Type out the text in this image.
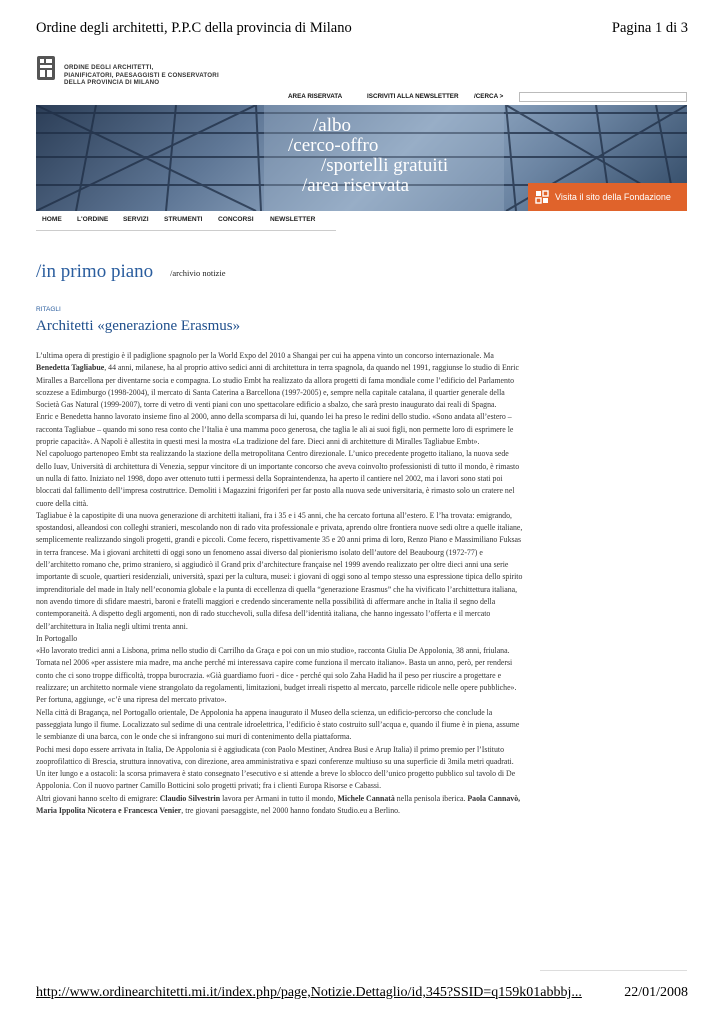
Ordine degli architetti, P.P.C della provincia di Milano	Pagina 1 di 3
ORDINE DEGLI ARCHITETTI,
PIANIFICATORI, PAESAGGISTI E CONSERVATORI
DELLA PROVINCIA DI MILANO
AREA RISERVATA	ISCRIVITI ALLA NEWSLETTER /CERCA >
/albo
/cerco-offro
/sportelli gratuiti
/area riservata
Visita il sito della Fondazione
HOME L'ORDINE SERVIZI STRUMENTI CONCORSI NEWSLETTER
/in primo piano /archivio notizie
RITAGLI
Architetti «generazione Erasmus»

L’ultima opera di prestigio è il padiglione spagnolo per la World Expo del 2010 a Shangai per cui ha appena vinto un concorso internazionale. Ma Benedetta Tagliabue, 44 anni, milanese, ha al proprio attivo sedici anni di architettura in terra spagnola, da quando nel 1991, raggiunse lo studio di Enric Miralles a Barcellona per diventarne socia e compagna. Lo studio Embt ha realizzato da allora progetti di fama mondiale come l’edificio del Parlamento scozzese a Edimburgo (1998-2004), il mercato di Santa Caterina a Barcellona (1997-2005) e, sempre nella capitale catalana, il quartier generale della Società Gas Natural (1999-2007), torre di vetro di venti piani con uno spettacolare edificio a sbalzo, che sarà presto inaugurato dai reali di Spagna.

Enric e Benedetta hanno lavorato insieme fino al 2000, anno della scomparsa di lui, quando lei ha preso le redini dello studio. «Sono andata all’estero – racconta Tagliabue – quando mi sono resa conto che l’Italia è una mamma poco generosa, che taglia le ali ai suoi figli, non permette loro di esprimere le proprie capacità». A Napoli è allestita in questi mesi la mostra «La tradizione del fare. Dieci anni di architetture di Miralles Tagliabue Embt».

Nel capoluogo partenopeo Embt sta realizzando la stazione della metropolitana Centro direzionale. L’unico precedente progetto italiano, la nuova sede dello Iuav, Università di architettura di Venezia, seppur vincitore di un importante concorso che aveva coinvolto professionisti di tutto il mondo, è rimasto un nulla di fatto. Iniziato nel 1998, dopo aver ottenuto tutti i permessi della Sopraintendenza, ha aperto il cantiere nel 2002, ma i lavori sono stati poi bloccati dal fallimento dell’impresa costruttrice. Demoliti i Magazzini frigoriferi per far posto alla nuova sede universitaria, è rimasto solo un cratere nel cuore della città.

Tagliabue è la capostipite di una nuova generazione di architetti italiani, fra i 35 e i 45 anni, che ha cercato fortuna all’estero. E l’ha trovata: emigrando, spostandosi, alleandosi con colleghi stranieri, mescolando non di rado vita professionale e privata, aprendo oltre frontiera nuove sedi oltre a quelle italiane, semplicemente realizzando singoli progetti, grandi e piccoli. Come fecero, rispettivamente 35 e 20 anni prima di loro, Renzo Piano e Massimiliano Fuksas in terra francese. Ma i giovani architetti di oggi sono un fenomeno assai diverso dal pionierismo isolato dell’autore del Beaubourg (1972-77) e dell’architetto romano che, primo straniero, si aggiudicò il Grand prix d’architecture française nel 1999 avendo realizzato per oltre dieci anni una serie importante di scuole, quartieri residenziali, università, spazi per la cultura, musei: i giovani di oggi sono al tempo stesso una espressione tipica dello spirito imprenditoriale del made in Italy nell’economia globale e la punta di eccellenza di quella “generazione Erasmus” che ha vivificato l’archittettura italiana, non avendo timore di sfidare maestri, baroni e fratelli maggiori e credendo sinceramente nella possibilità di affermare anche in Italia il segno della contemporaneità. A dispetto degli argomenti, non di rado stucchevoli, sulla difesa dell’identità italiana, che hanno ingessato l’offerta e il mercato dell’architettura in Italia negli ultimi trenta anni.

In Portogallo

«Ho lavorato tredici anni a Lisbona, prima nello studio di Carrilho da Graça e poi con un mio studio», racconta Giulia De Appolonia, 38 anni, friulana. Tornata nel 2006 «per assistere mia madre, ma anche perché mi interessava capire come funziona il mercato italiano». Basta un anno, però, per rendersi conto che ci sono troppe difficoltà, troppa burocrazia. «Già guardiamo fuori - dice - perché qui solo Zaha Hadid ha il peso per riuscire a progettare e realizzare; un architetto normale viene strangolato da regolamenti, limitazioni, budget irreali rispetto al mercato, parcelle ridicole nelle opere pubbliche». Per fortuna, aggiunge, «c’è una ripresa del mercato privato».

Nella città di Bragança, nel Portogallo orientale, De Appolonia ha appena inaugurato il Museo della scienza, un edificio-percorso che conclude la passeggiata lungo il fiume. Localizzato sul sedime di una centrale idroelettrica, l’edificio è stato costruito sull’acqua e, quando il fiume è in piena, assume le sembianze di una barca, con le onde che si infrangono sui muri di contenimento della piattaforma.

Pochi mesi dopo essere arrivata in Italia, De Appolonia si è aggiudicata (con Paolo Mestiner, Andrea Busi e Arup Italia) il primo premio per l’Istituto zooprofilattico di Brescia, struttura innovativa, con direzione, area amministrativa e spazi conferenze multiuso su una superficie di 3mila metri quadrati. Un iter lungo e a ostacoli: la scorsa primavera è stato consegnato l’esecutivo e si attende a breve lo sblocco dell’unico progetto pubblico sul tavolo di De Appolonia. Con il nuovo partner Camillo Botticini solo progetti privati; fra i clienti Europa Risorse e Cabassi.

Altri giovani hanno scelto di emigrare: Claudio Silvestrin lavora per Armani in tutto il mondo, Michele Cannatà nella penisola iberica. Paola Cannavò, Maria Ippolita Nicotera e Francesca Venier, tre giovani paesaggiste, nel 2000 hanno fondato Studio.eu a Berlino.

http://www.ordinearchitetti.mi.it/index.php/page,Notizie.Dettaglio/id,345?SSID=q159k01abbbj...	22/01/2008
